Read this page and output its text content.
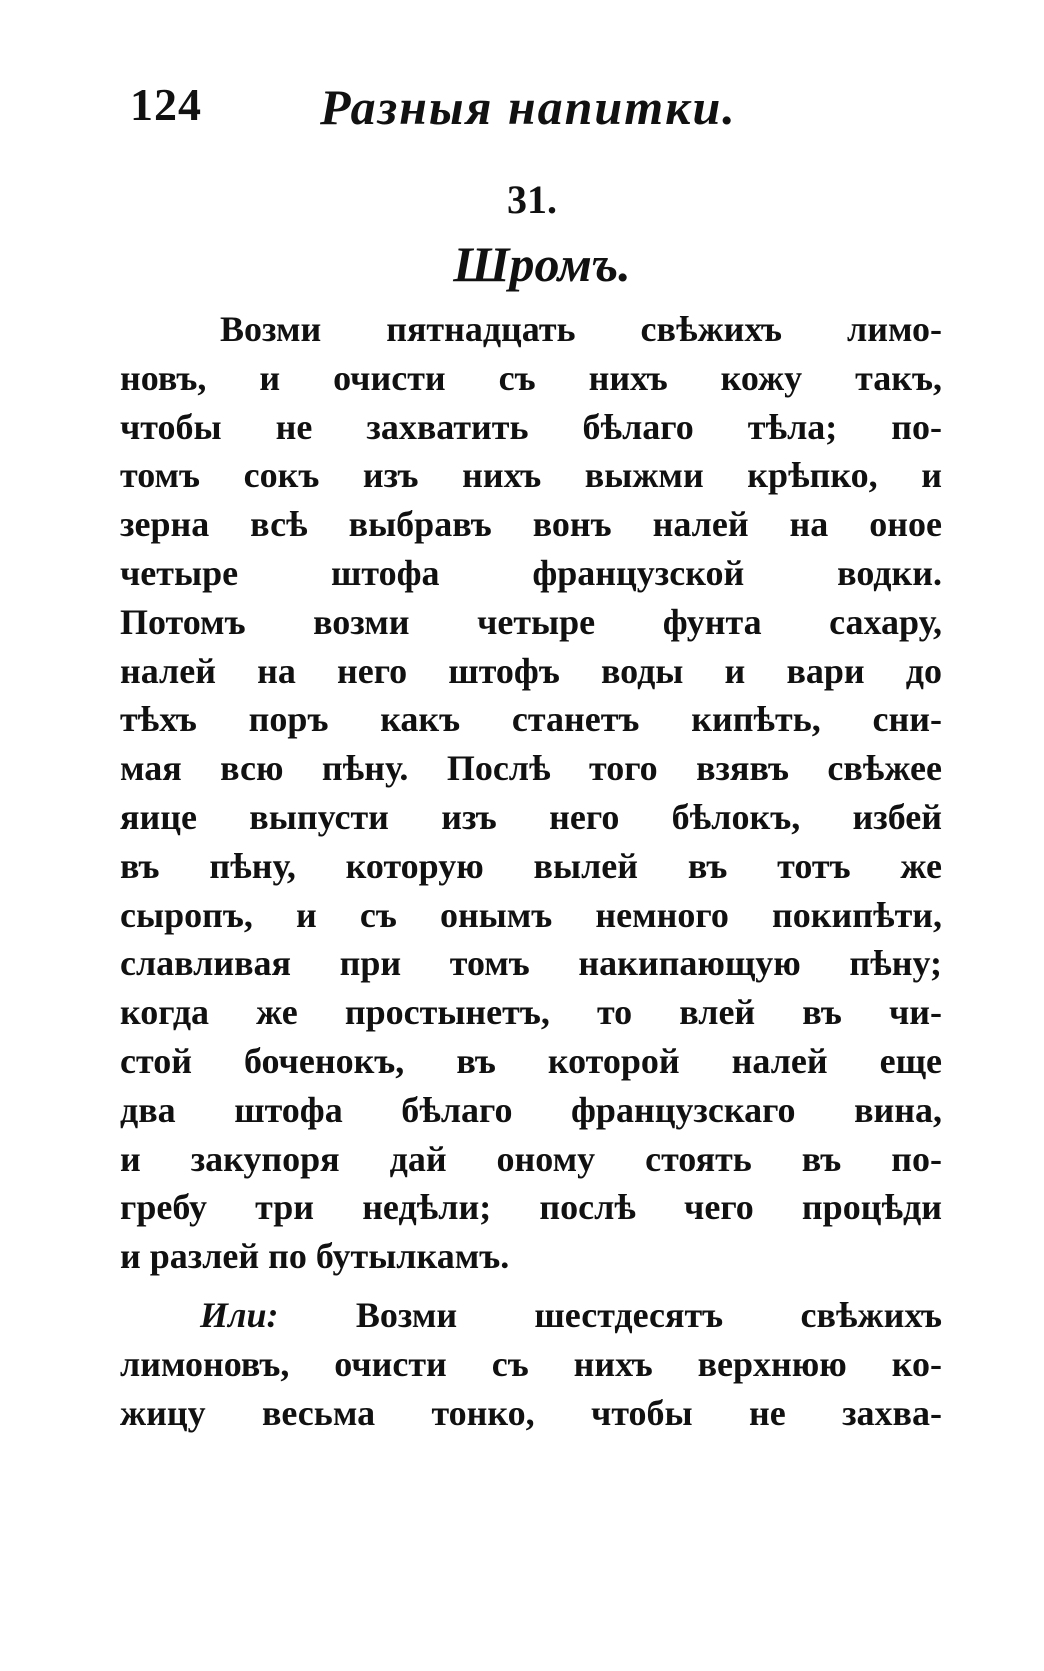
124 Разныя напитки.
31.
Шромъ.
Возми пятнадцать свѣжихъ лимо-
новъ, и очисти съ нихъ кожу такъ,
чтобы не захватить бѣлаго тѣла; по-
томъ сокъ изъ нихъ выжми крѣпко, и
зерна всѣ выбравъ вонъ налей на оное
четыре штофа французской водки.
Потомъ возми четыре фунта сахару,
налей на него штофъ воды и вари до
тѣхъ поръ какъ станетъ кипѣть, сни-
мая всю пѣну. Послѣ того взявъ свѣжее
яице выпусти изъ него бѣлокъ, избей
въ пѣну, которую вылей въ тотъ же
сыропъ, и съ онымъ немного покипѣти,
славливая при томъ накипающую пѣну;
когда же простынетъ, то влей въ чи-
стой боченокъ, въ которой налей еще
два штофа бѣлаго французскаго вина,
и закупоря дай оному стоять въ по-
гребу три недѣли; послѣ чего процѣди
и разлей по бутылкамъ.
Или: Возми шестдесятъ свѣжихъ
лимоновъ, очисти съ нихъ верхнюю ко-
жицу весьма тонко, чтобы не захва-
